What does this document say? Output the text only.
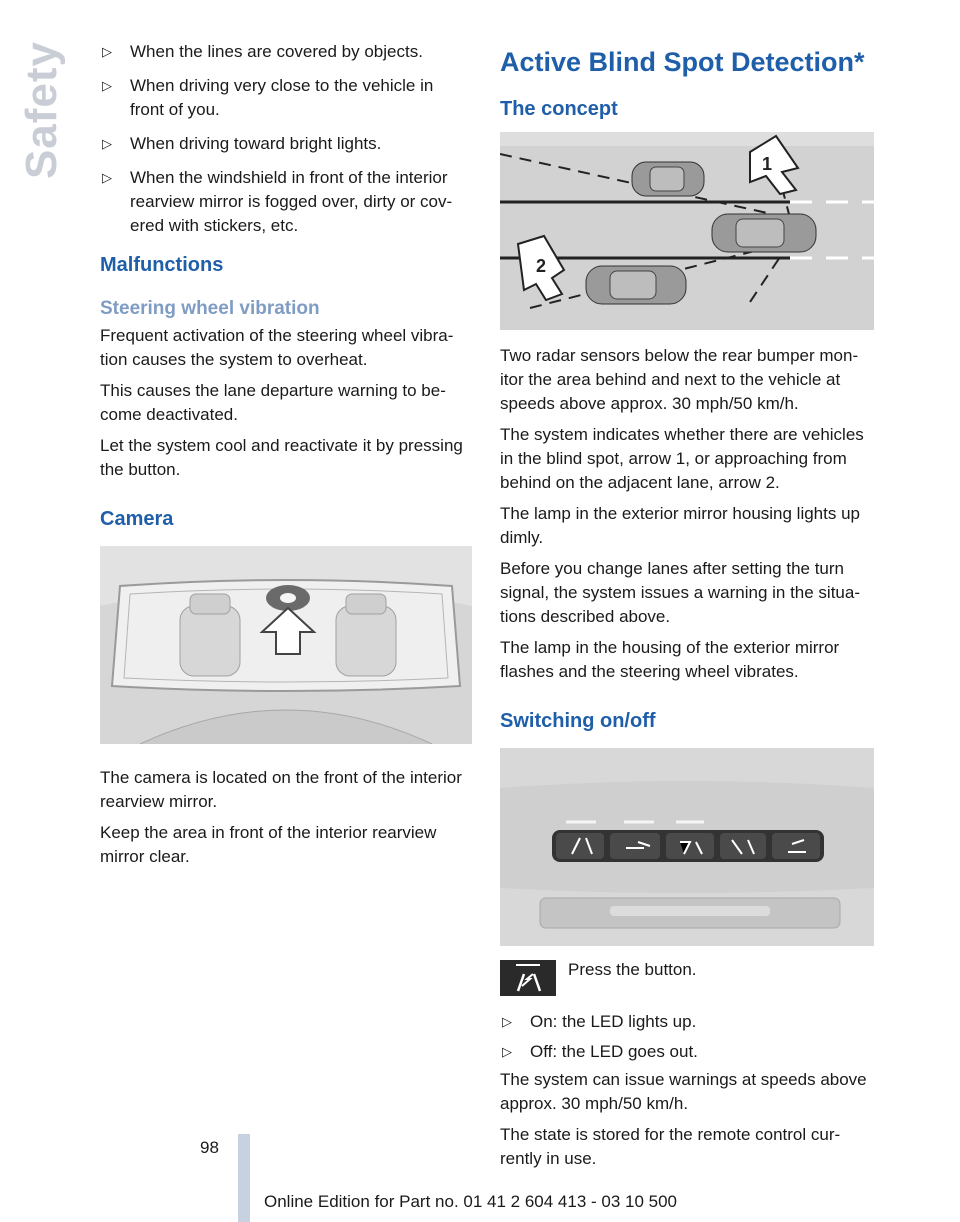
Safety	▷ When the lines are covered by objects.
▷ When driving very close to the vehicle in front of you.
▷ When driving toward bright lights.
▷ When the windshield in front of the interior rearview mirror is fogged over, dirty or cov‐ered with stickers, etc.
Malfunctions
Steering wheel vibration

Frequent activation of the steering wheel vibra‐tion causes the system to overheat.

This causes the lane departure warning to be‐come deactivated.

Let the system cool and reactivate it by pressing the button.

Camera

The camera is located on the front of the interior rearview mirror.

Keep the area in front of the interior rearview mirror clear.

Active Blind Spot Detection*
The concept
1
2

Two radar sensors below the rear bumper mon‐itor the area behind and next to the vehicle at speeds above approx. 30 mph/50 km/h.

The system indicates whether there are vehicles in the blind spot, arrow 1, or approaching from behind on the adjacent lane, arrow 2.

The lamp in the exterior mirror housing lights up dimly.

Before you change lanes after setting the turn signal, the system issues a warning in the situa‐tions described above.

The lamp in the housing of the exterior mirror flashes and the steering wheel vibrates.

Switching on/off

Press the button.

▷ On: the LED lights up.
▷ Off: the LED goes out.

The system can issue warnings at speeds above approx. 30 mph/50 km/h.

The state is stored for the remote control cur‐rently in use.

98
Online Edition for Part no. 01 41 2 604 413 - 03 10 500
